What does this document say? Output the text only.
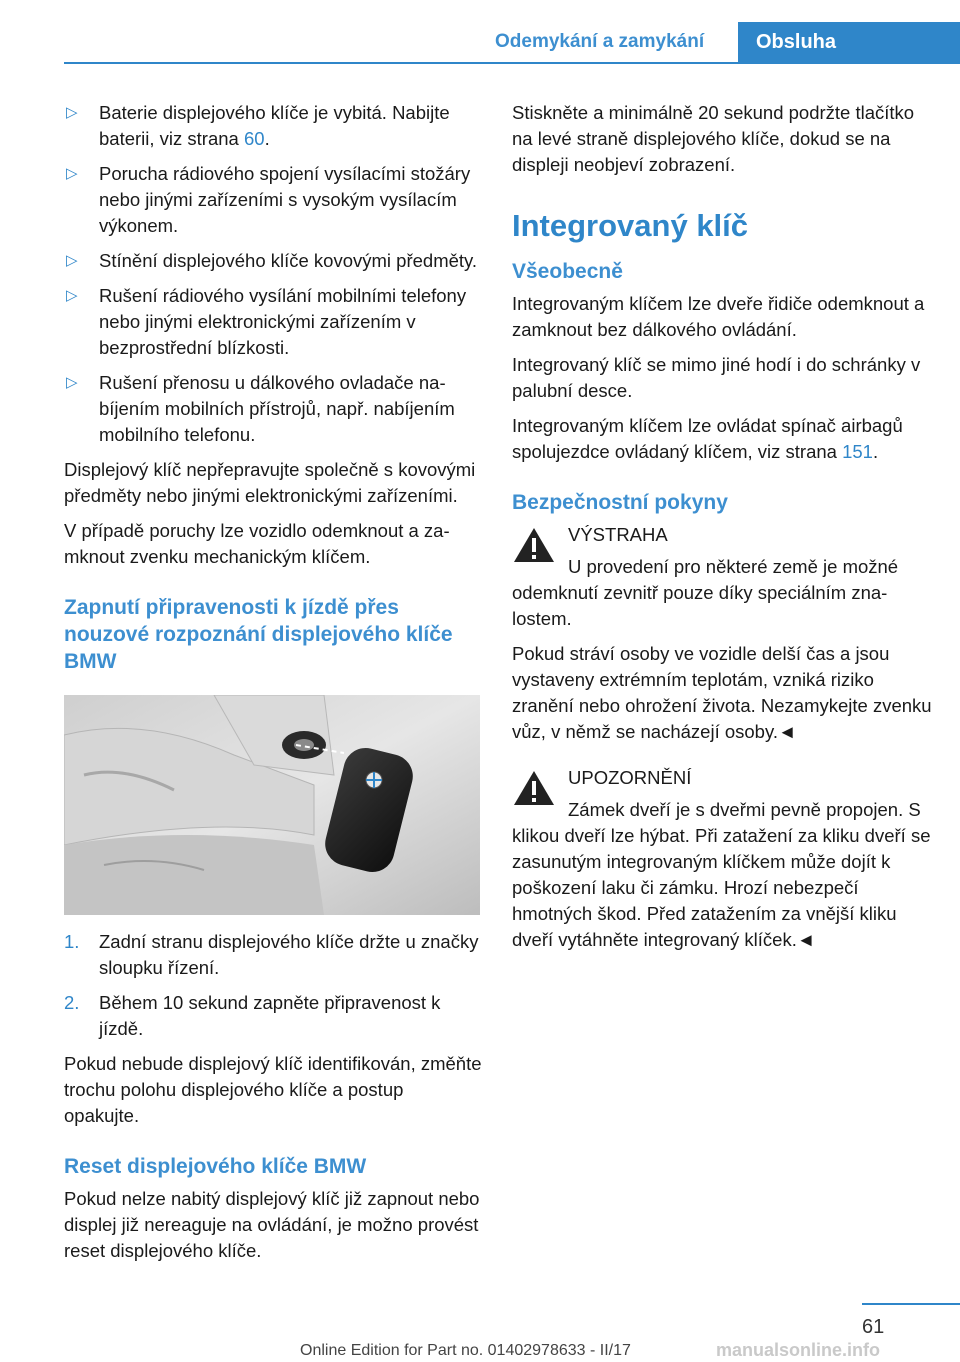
Odemykání a zamykání	Obsluha
▷ Baterie displejového klíče je vybitá. Nabijte baterii, viz strana 60.
▷ Porucha rádiového spojení vysílacími stožáry nebo jinými zařízeními s vysokým vysílacím výkonem.
▷ Stínění displejového klíče kovovými předměty.
▷ Rušení rádiového vysílání mobilními telefony nebo jinými elektronickými zařízením v bezprostřední blízkosti.
▷ Rušení přenosu u dálkového ovladače nabíjením mobilních přístrojů, např. nabíjením mobilního telefonu.

Displejový klíč nepřepravujte společně s kovovými předměty nebo jinými elektronickými zařízeními.

V případě poruchy lze vozidlo odemknout a zamknout zvenku mechanickým klíčem.

Zapnutí připravenosti k jízdě přes nouzové rozpoznání displejového klíče BMW
1. Zadní stranu displejového klíče držte u značky sloupku řízení.
2. Během 10 sekund zapněte připravenost k jízdě.

Pokud nebude displejový klíč identifikován, změňte trochu polohu displejového klíče a postup opakujte.

Reset displejového klíče BMW

Pokud nelze nabitý displejový klíč již zapnout nebo displej již nereaguje na ovládání, je možno provést reset displejového klíče.

Stiskněte a minimálně 20 sekund podržte tlačítko na levé straně displejového klíče, dokud se na displeji neobjeví zobrazení.

Integrovaný klíč
Všeobecně

Integrovaným klíčem lze dveře řidiče odemknout a zamknout bez dálkového ovládání.

Integrovaný klíč se mimo jiné hodí i do schránky v palubní desce.

Integrovaným klíčem lze ovládat spínač airbagů spolujezdce ovládaný klíčem, viz strana 151.

Bezpečnostní pokyny

VÝSTRAHA

U provedení pro některé země je možné odemknutí zevnitř pouze díky speciálním znalostem.

Pokud stráví osoby ve vozidle delší čas a jsou vystaveny extrémním teplotám, vzniká riziko zranění nebo ohrožení života. Nezamykejte zvenku vůz, v němž se nacházejí osoby.◄

UPOZORNĚNÍ

Zámek dveří je s dveřmi pevně propojen. S klikou dveří lze hýbat. Při zatažení za kliku dveří se zasunutým integrovaným klíčkem může dojít k poškození laku či zámku. Hrozí nebezpečí hmotných škod. Před zatažením za vnější kliku dveří vytáhněte integrovaný klíček.◄

61
Online Edition for Part no. 01402978633 - II/17	manualsonline.info
